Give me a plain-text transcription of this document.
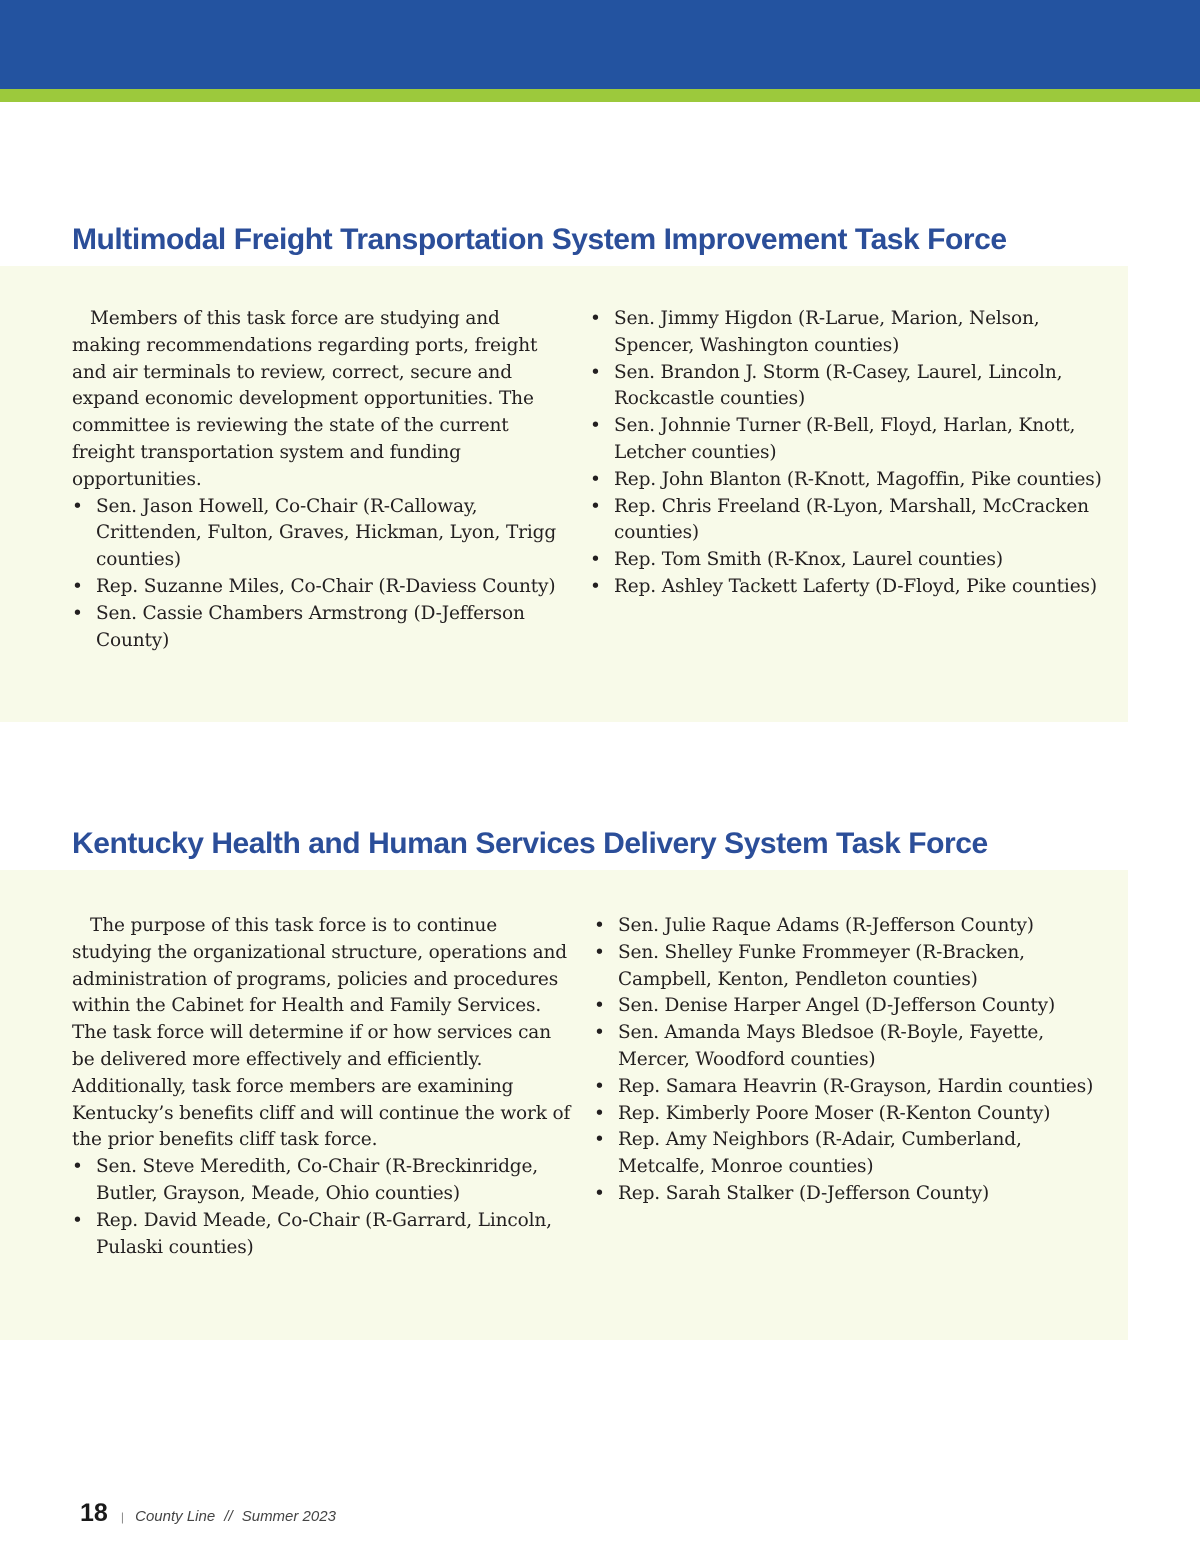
Multimodal Freight Transportation System Improvement Task Force

Members of this task force are studying and making recommendations regarding ports, freight and air terminals to review, correct, secure and expand economic development opportunities. The committee is reviewing the state of the current freight transportation system and funding opportunities.

• Sen. Jason Howell, Co-Chair (R-Calloway, Crittenden, Fulton, Graves, Hickman, Lyon, Trigg counties)
• Rep. Suzanne Miles, Co-Chair (R-Daviess County)
• Sen. Cassie Chambers Armstrong (D-Jefferson County)
• Sen. Jimmy Higdon (R-Larue, Marion, Nelson, Spencer, Washington counties)
• Sen. Brandon J. Storm (R-Casey, Laurel, Lincoln, Rockcastle counties)
• Sen. Johnnie Turner (R-Bell, Floyd, Harlan, Knott, Letcher counties)
• Rep. John Blanton (R-Knott, Magoffin, Pike counties)
• Rep. Chris Freeland (R-Lyon, Marshall, McCracken counties)
• Rep. Tom Smith (R-Knox, Laurel counties)
• Rep. Ashley Tackett Laferty (D-Floyd, Pike counties)
Kentucky Health and Human Services Delivery System Task Force

The purpose of this task force is to continue studying the organizational structure, operations and administration of programs, policies and procedures within the Cabinet for Health and Family Services. The task force will determine if or how services can be delivered more effectively and efficiently. Additionally, task force members are examining Kentucky’s benefits cliff and will continue the work of the prior benefits cliff task force.

• Sen. Steve Meredith, Co-Chair (R-Breckinridge, Butler, Grayson, Meade, Ohio counties)
• Rep. David Meade, Co-Chair (R-Garrard, Lincoln, Pulaski counties)
• Sen. Julie Raque Adams (R-Jefferson County)
• Sen. Shelley Funke Frommeyer (R-Bracken, Campbell, Kenton, Pendleton counties)
• Sen. Denise Harper Angel (D-Jefferson County)
• Sen. Amanda Mays Bledsoe (R-Boyle, Fayette, Mercer, Woodford counties)
• Rep. Samara Heavrin (R-Grayson, Hardin counties)
• Rep. Kimberly Poore Moser (R-Kenton County)
• Rep. Amy Neighbors (R-Adair, Cumberland, Metcalfe, Monroe counties)
• Rep. Sarah Stalker (D-Jefferson County)
18 | County Line // Summer 2023
